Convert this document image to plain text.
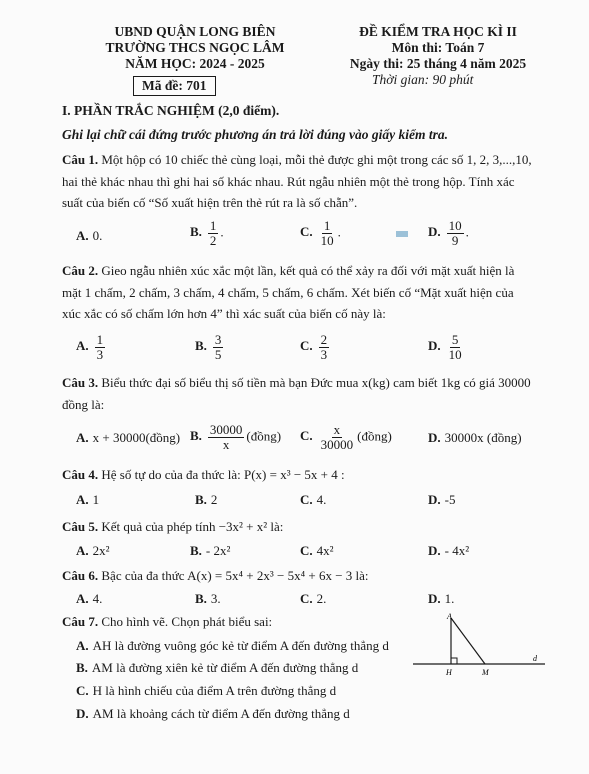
UBND QUẬN LONG BIÊN
TRƯỜNG THCS NGỌC LÂM
NĂM HỌC: 2024 - 2025
Mã đề: 701
ĐỀ KIỂM TRA HỌC KÌ II
Môn thi: Toán 7
Ngày thi: 25 tháng 4 năm 2025
Thời gian: 90 phút
I. PHẦN TRẮC NGHIỆM (2,0 điểm).
Ghi lại chữ cái đứng trước phương án trả lời đúng vào giấy kiểm tra.
Câu 1. Một hộp có 10 chiếc thẻ cùng loại, mỗi thẻ được ghi một trong các số 1, 2, 3,...,10, hai thẻ khác nhau thì ghi hai số khác nhau. Rút ngẫu nhiên một thẻ trong hộp. Tính xác suất của biến cố “Số xuất hiện trên thẻ rút ra là số chẵn”.
A. 0.	B. $\frac{1}{2}$ .	C. $\frac{1}{10}$ .	D. $\frac{10}{9}$ .
Câu 2. Gieo ngẫu nhiên xúc xắc một lần, kết quả có thể xảy ra đối với mặt xuất hiện là mặt 1 chấm, 2 chấm, 3 chấm, 4 chấm, 5 chấm, 6 chấm. Xét biến cố “Mặt xuất hiện của xúc xắc có số chấm lớn hơn 4” thì xác suất của biến cố này là:
A. $\frac{1}{3}$	B. $\frac{3}{5}$	C. $\frac{2}{3}$	D. $\frac{5}{10}$
Câu 3. Biểu thức đại số biểu thị số tiền mà bạn Đức mua x(kg) cam biết 1kg có giá 30000 đồng là:
A. x + 30000(đồng) B. $\frac{30000}{x}$ (đồng) C. $\frac{x}{30000}$ (đồng)	D. 30000x (đồng)
Câu 4. Hệ số tự do của đa thức là: P(x) = x³ − 5x + 4 :
A. 1	B. 2	C. 4.	D. -5
Câu 5. Kết quả của phép tính −3x² + x² là:
A. 2x²	B. - 2x²	C. 4x²	D. - 4x²
Câu 6. Bậc của đa thức A(x) = 5x⁴ + 2x³ − 5x⁴ + 6x − 3 là:
A. 4.	B. 3.	C. 2.	D. 1.
Câu 7. Cho hình vẽ. Chọn phát biểu sai:
A. AH là đường vuông góc kẻ từ điểm A đến đường thẳng d
B. AM là đường xiên kẻ từ điểm A đến đường thẳng d
C. H là hình chiếu của điểm A trên đường thẳng d
D. AM là khoảng cách từ điểm A đến đường thẳng d
A
H	M
d
